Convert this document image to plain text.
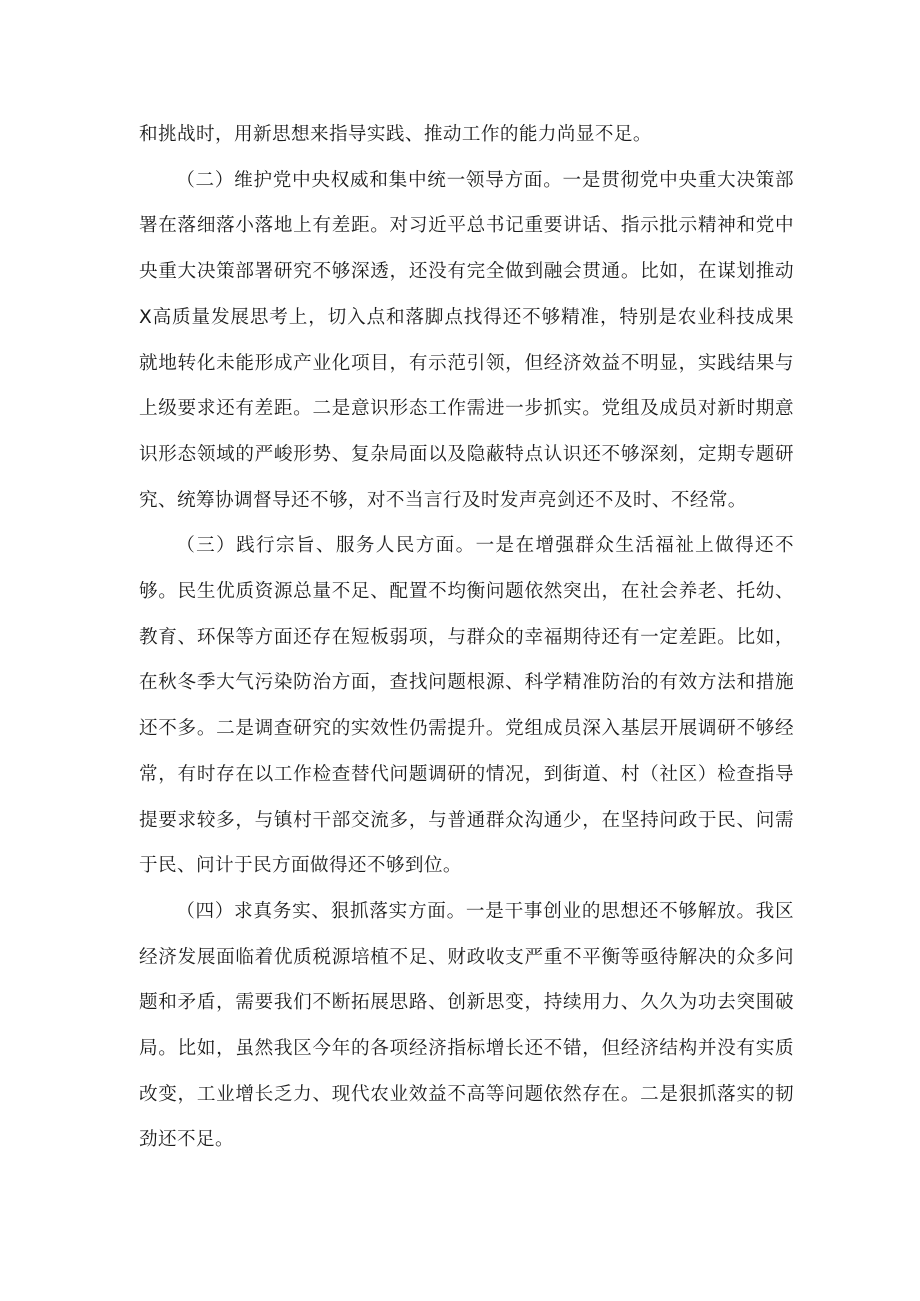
和挑战时，用新思想来指导实践、推动工作的能力尚显不足。

（二）维护党中央权威和集中统一领导方面。一是贯彻党中央重大决策部署在落细落小落地上有差距。对习近平总书记重要讲话、指示批示精神和党中央重大决策部署研究不够深透，还没有完全做到融会贯通。比如，在谋划推动X高质量发展思考上，切入点和落脚点找得还不够精准，特别是农业科技成果就地转化未能形成产业化项目，有示范引领，但经济效益不明显，实践结果与上级要求还有差距。二是意识形态工作需进一步抓实。党组及成员对新时期意识形态领域的严峻形势、复杂局面以及隐蔽特点认识还不够深刻，定期专题研究、统筹协调督导还不够，对不当言行及时发声亮剑还不及时、不经常。

（三）践行宗旨、服务人民方面。一是在增强群众生活福祉上做得还不够。民生优质资源总量不足、配置不均衡问题依然突出，在社会养老、托幼、教育、环保等方面还存在短板弱项，与群众的幸福期待还有一定差距。比如，在秋冬季大气污染防治方面，查找问题根源、科学精准防治的有效方法和措施还不多。二是调查研究的实效性仍需提升。党组成员深入基层开展调研不够经常，有时存在以工作检查替代问题调研的情况，到街道、村（社区）检查指导提要求较多，与镇村干部交流多，与普通群众沟通少，在坚持问政于民、问需于民、问计于民方面做得还不够到位。

（四）求真务实、狠抓落实方面。一是干事创业的思想还不够解放。我区经济发展面临着优质税源培植不足、财政收支严重不平衡等亟待解决的众多问题和矛盾，需要我们不断拓展思路、创新思变，持续用力、久久为功去突围破局。比如，虽然我区今年的各项经济指标增长还不错，但经济结构并没有实质改变，工业增长乏力、现代农业效益不高等问题依然存在。二是狠抓落实的韧劲还不足。
